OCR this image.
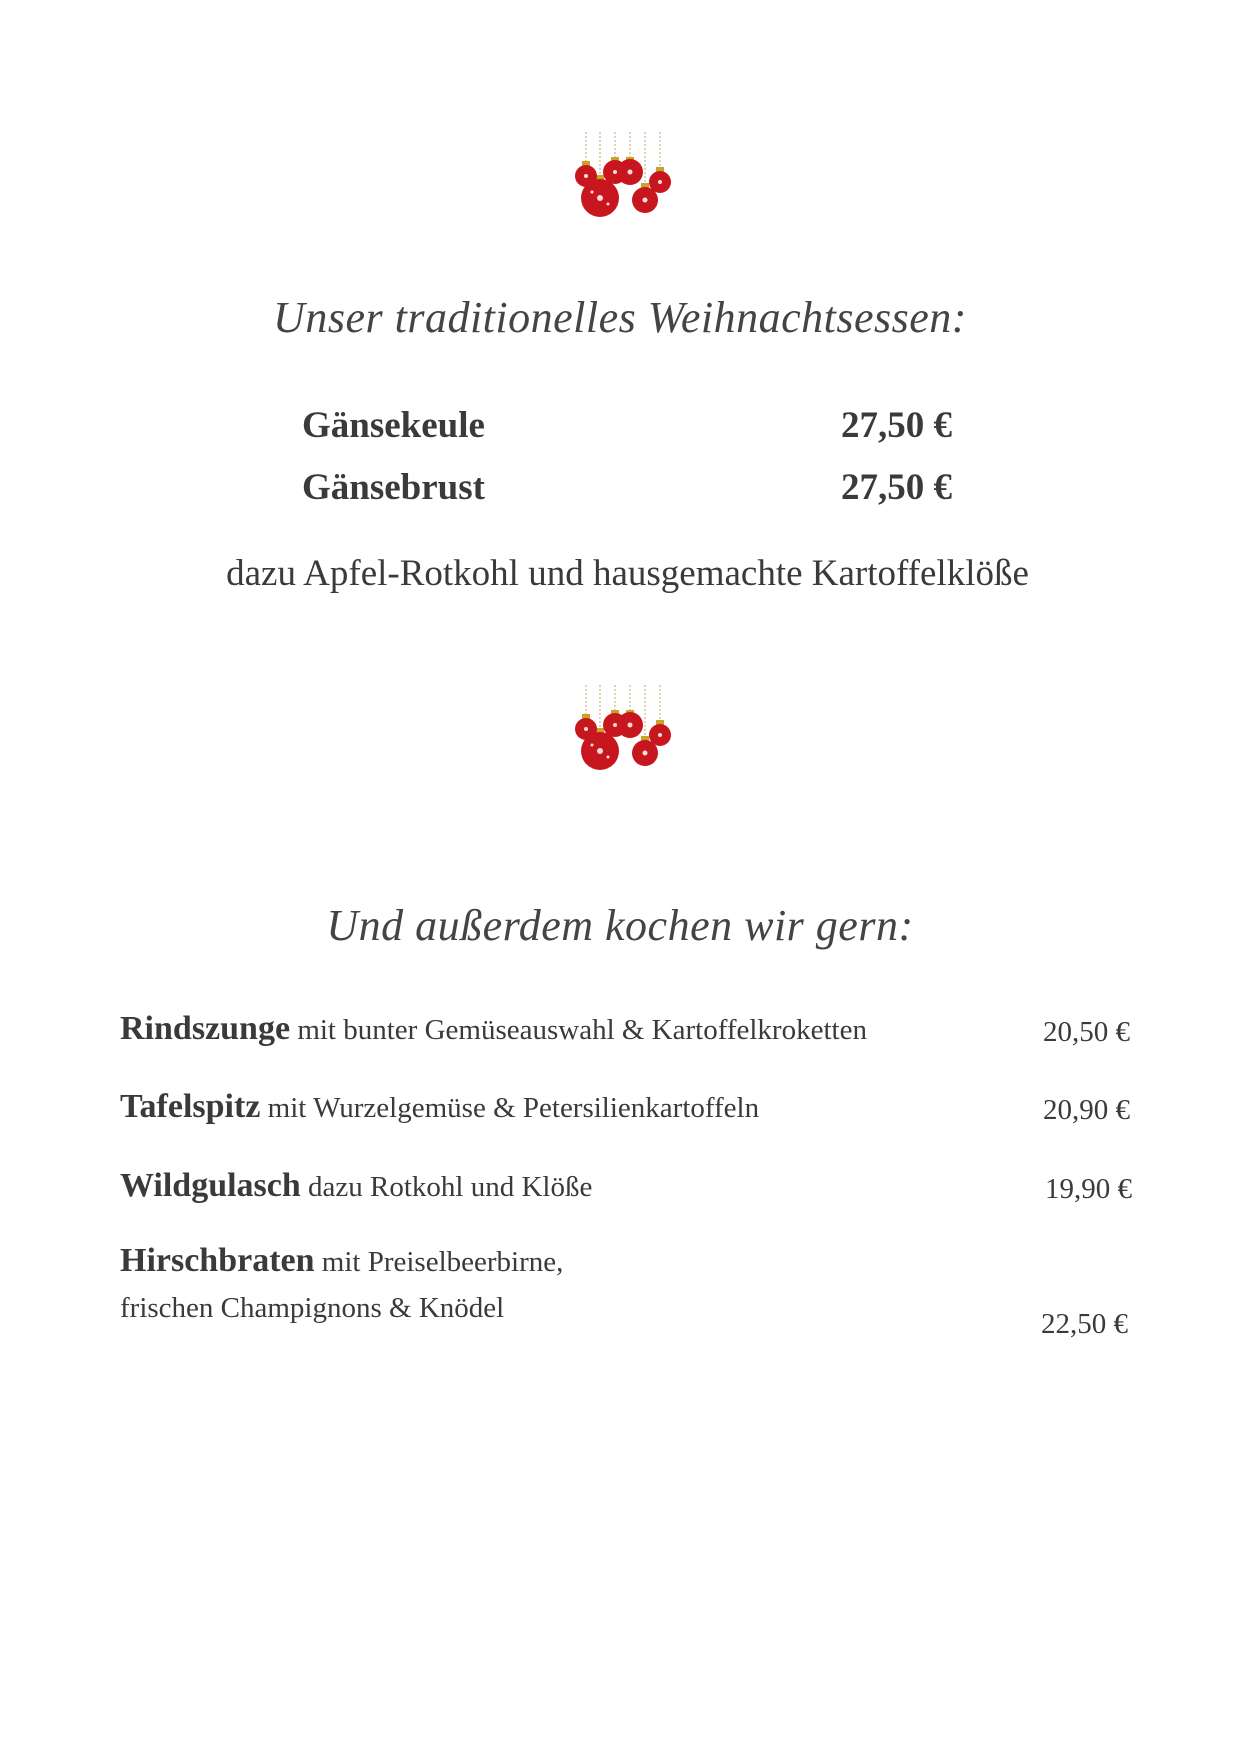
Unser traditionelles Weihnachtsessen:
Gänsekeule	27,50 €
Gänsebrust	27,50 €
dazu Apfel-Rotkohl und hausgemachte Kartoffelklöße
Und außerdem kochen wir gern:
Rindszunge mit bunter Gemüseauswahl & Kartoffelkroketten	20,50 €
Tafelspitz mit Wurzelgemüse & Petersilienkartoffeln	20,90 €
Wildgulasch dazu Rotkohl und Klöße	19,90 €
Hirschbraten mit Preiselbeerbirne,
frischen Champignons & Knödel	22,50 €
